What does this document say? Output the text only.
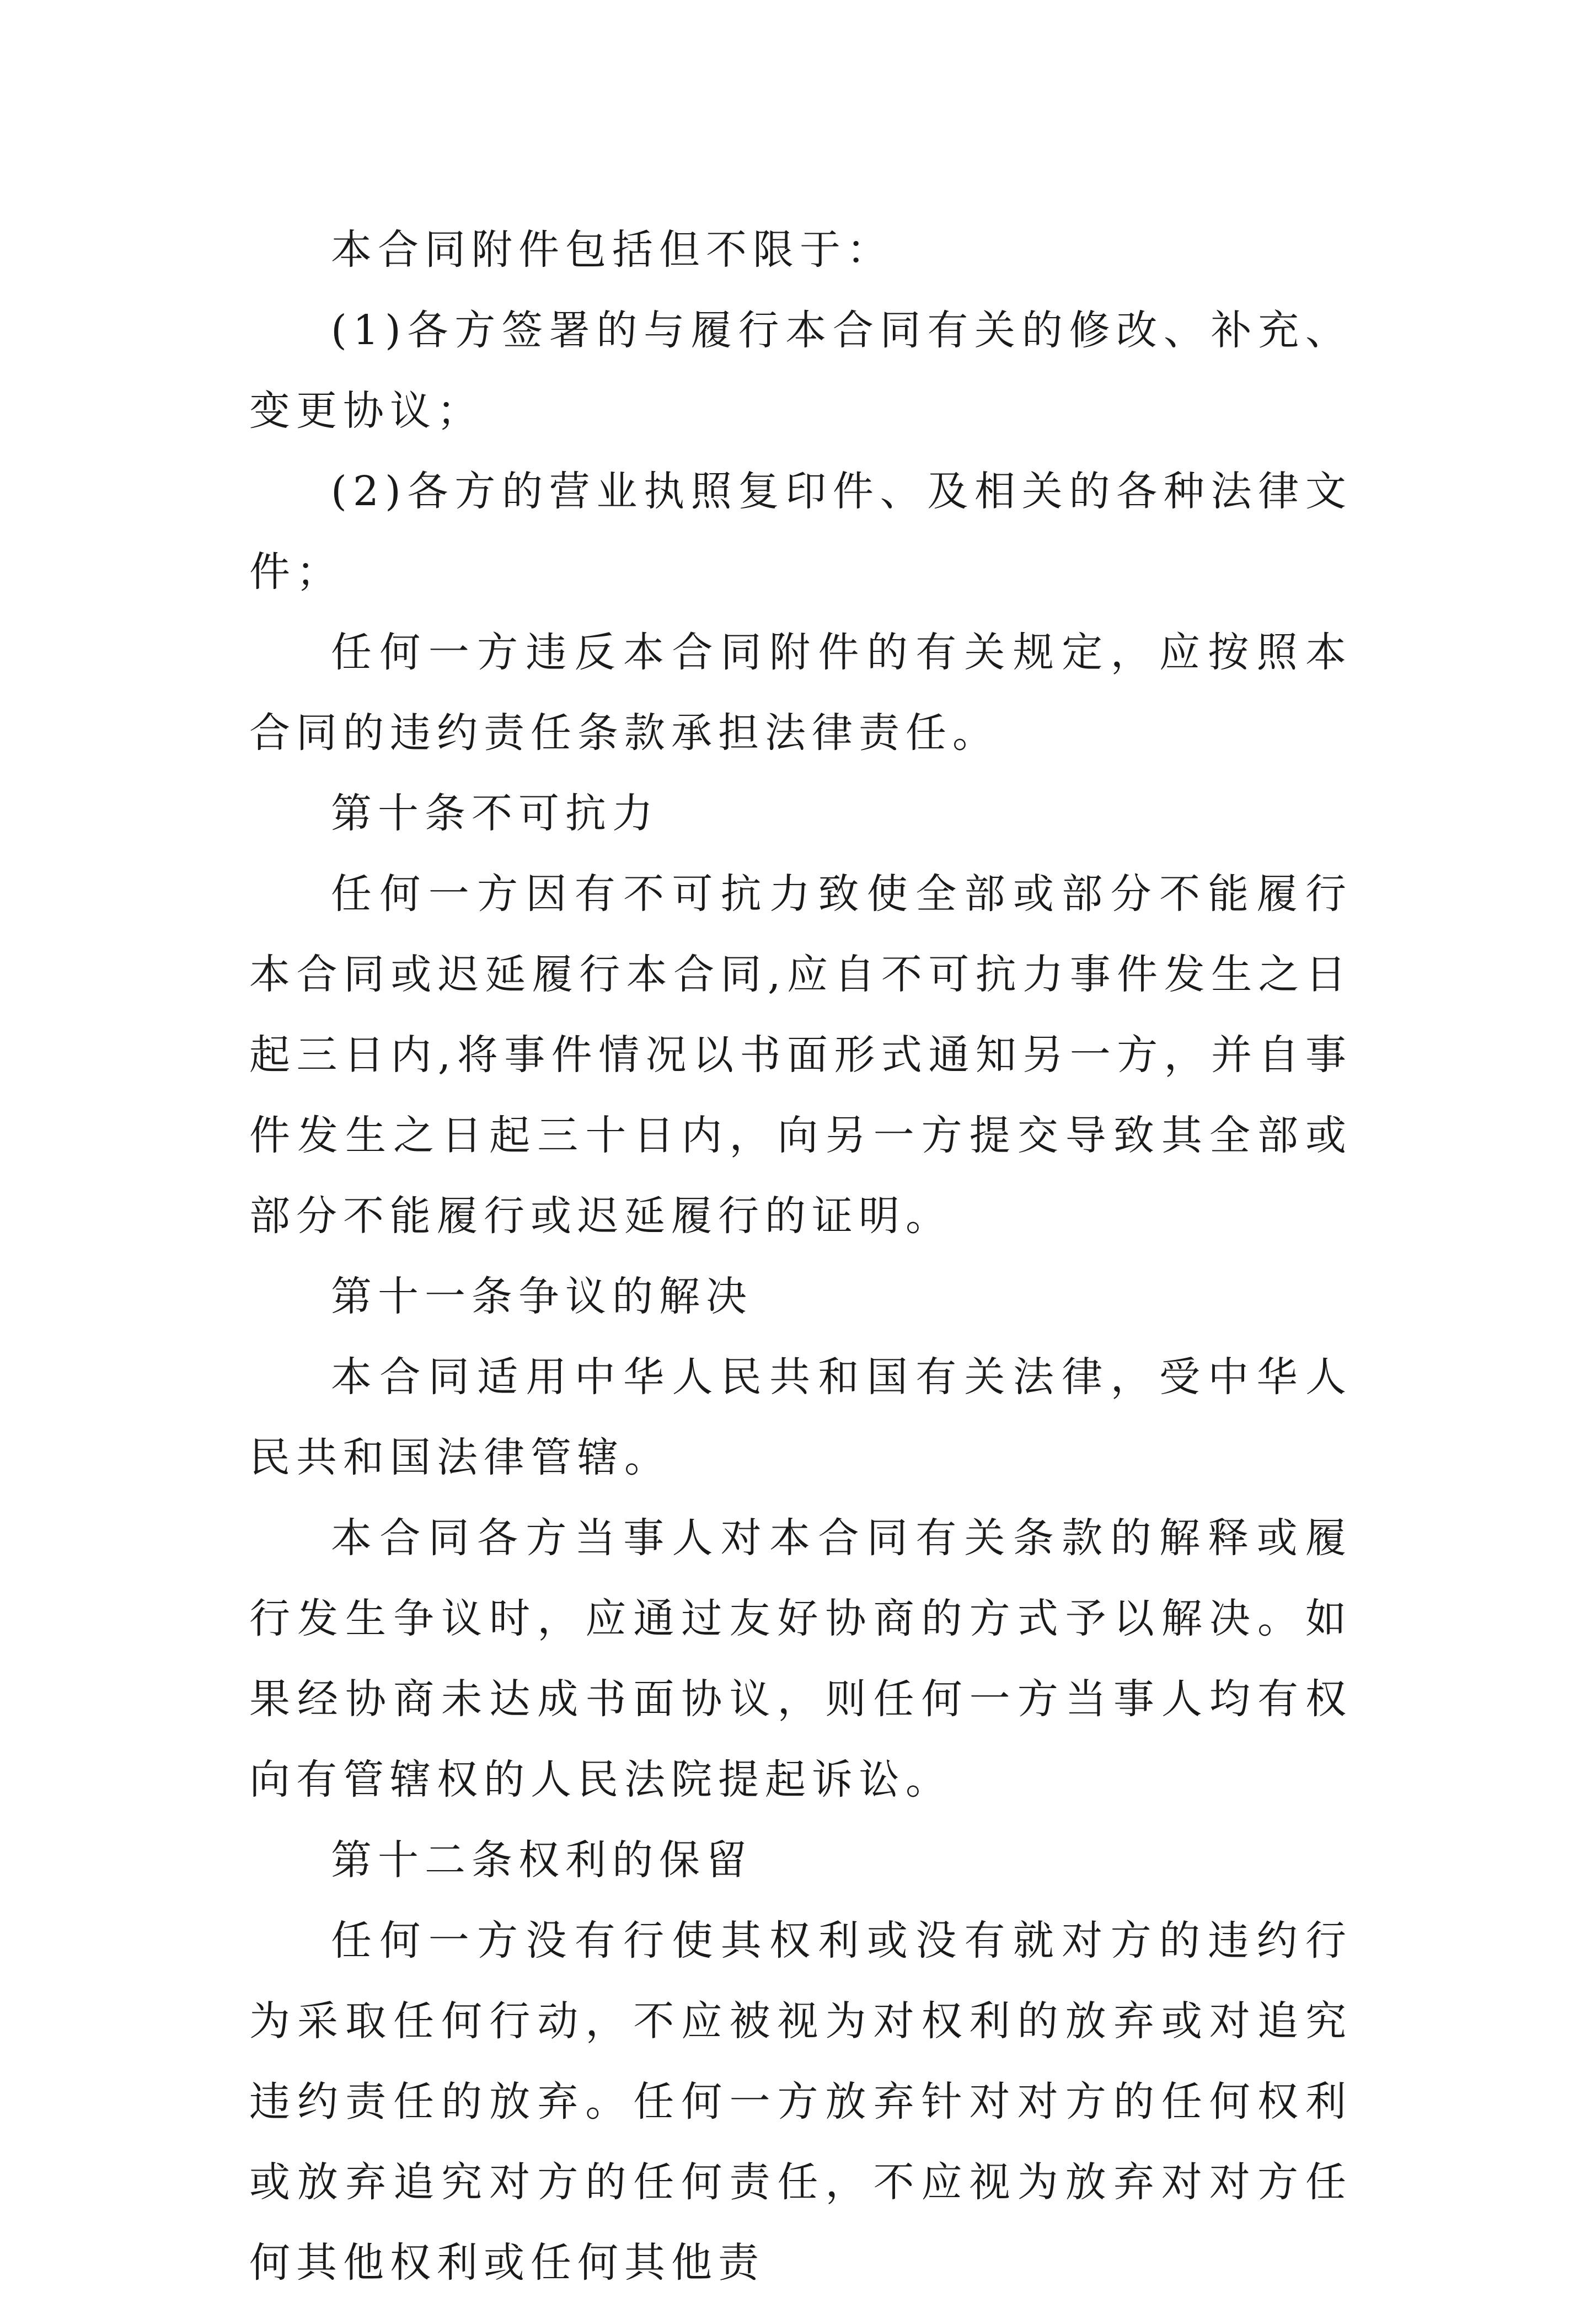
本合同附件包括但不限于：

(1)各方签署的与履行本合同有关的修改、补充、变更协议；

(2)各方的营业执照复印件、及相关的各种法律文件；

任何一方违反本合同附件的有关规定，应按照本合同的违约责任条款承担法律责任。

第十条不可抗力

任何一方因有不可抗力致使全部或部分不能履行本合同或迟延履行本合同,应自不可抗力事件发生之日起三日内,将事件情况以书面形式通知另一方，并自事件发生之日起三十日内，向另一方提交导致其全部或部分不能履行或迟延履行的证明。

第十一条争议的解决

本合同适用中华人民共和国有关法律，受中华人民共和国法律管辖。

本合同各方当事人对本合同有关条款的解释或履行发生争议时，应通过友好协商的方式予以解决。如果经协商未达成书面协议，则任何一方当事人均有权向有管辖权的人民法院提起诉讼。

第十二条权利的保留

任何一方没有行使其权利或没有就对方的违约行为采取任何行动，不应被视为对权利的放弃或对追究违约责任的放弃。任何一方放弃针对对方的任何权利或放弃追究对方的任何责任，不应视为放弃对对方任何其他权利或任何其他责
